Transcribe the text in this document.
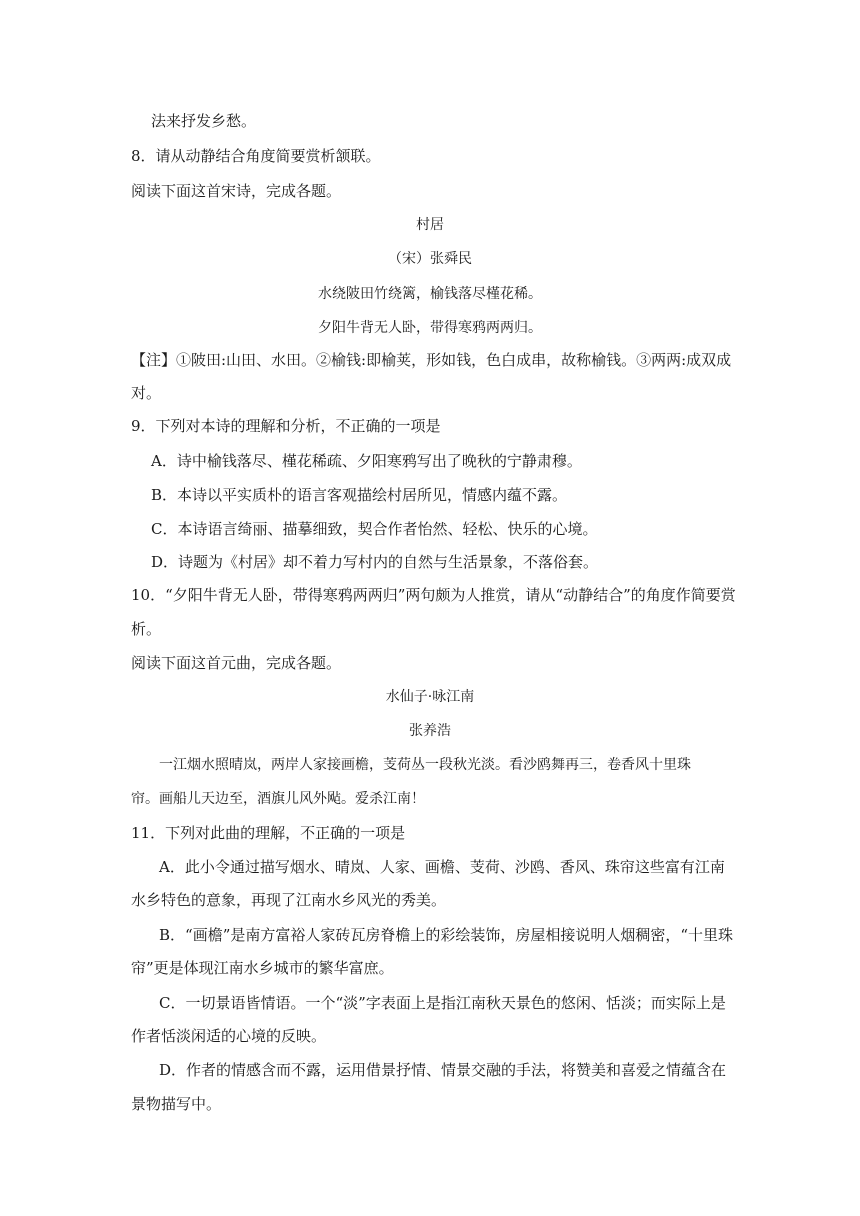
法来抒发乡愁。
8．请从动静结合角度简要赏析颔联。
阅读下面这首宋诗，完成各题。
村居
（宋）张舜民
水绕陂田竹绕篱，榆钱落尽槿花稀。
夕阳牛背无人卧，带得寒鸦两两归。
【注】①陂田:山田、水田。②榆钱:即榆荚，形如钱，色白成串，故称榆钱。③两两:成双成
对。
9．下列对本诗的理解和分析，不正确的一项是
A．诗中榆钱落尽、槿花稀疏、夕阳寒鸦写出了晚秋的宁静肃穆。
B．本诗以平实质朴的语言客观描绘村居所见，情感内蕴不露。
C．本诗语言绮丽、描摹细致，契合作者怡然、轻松、快乐的心境。
D．诗题为《村居》却不着力写村内的自然与生活景象，不落俗套。
10．“夕阳牛背无人卧，带得寒鸦两两归”两句颇为人推赏，请从“动静结合”的角度作简要赏
析。
阅读下面这首元曲，完成各题。
水仙子·咏江南
张养浩
一江烟水照晴岚，两岸人家接画檐，芰荷丛一段秋光淡。看沙鸥舞再三，卷香风十里珠
帘。画船儿天边至，酒旗儿风外飐。爱杀江南！
11．下列对此曲的理解，不正确的一项是
A．此小令通过描写烟水、晴岚、人家、画檐、芰荷、沙鸥、香风、珠帘这些富有江南
水乡特色的意象，再现了江南水乡风光的秀美。
B．“画檐”是南方富裕人家砖瓦房脊檐上的彩绘装饰，房屋相接说明人烟稠密，“十里珠
帘”更是体现江南水乡城市的繁华富庶。
C．一切景语皆情语。一个“淡”字表面上是指江南秋天景色的悠闲、恬淡；而实际上是
作者恬淡闲适的心境的反映。
D．作者的情感含而不露，运用借景抒情、情景交融的手法，将赞美和喜爱之情蕴含在
景物描写中。
